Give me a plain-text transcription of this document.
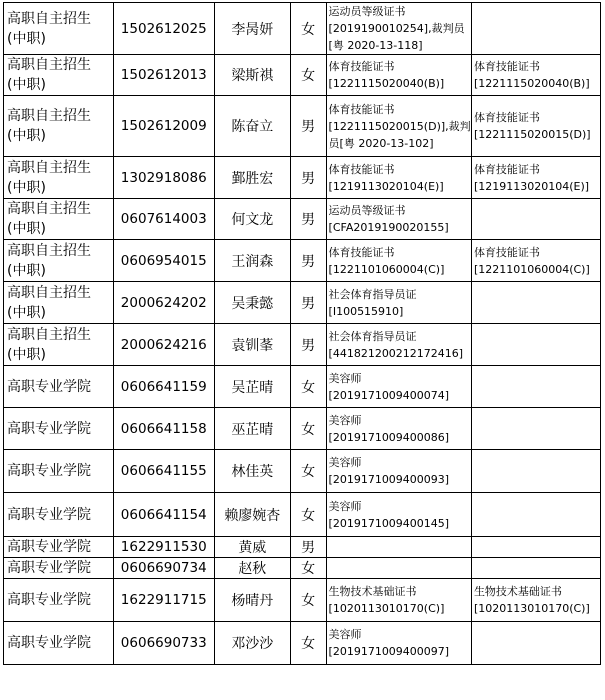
高职自主招生
(中职)	1502612025	李昺妍	女	运动员等级证书
[2019190010254],裁判员
[粤 2020-13-118]	

高职自主招生
(中职)	1502612013	梁斯祺	女	体育技能证书
[1221115020040(B)]	体育技能证书
[1221115020040(B)]

高职自主招生
(中职)	1502612009	陈奋立	男	体育技能证书
[1221115020015(D)],裁判
员[粤 2020-13-102]	体育技能证书
[1221115020015(D)]

高职自主招生
(中职)	1302918086	鄞胜宏	男	体育技能证书
[1219113020104(E)]	体育技能证书
[1219113020104(E)]

高职自主招生
(中职)	0607614003	何文龙	男	运动员等级证书
[CFA2019190020155]	

高职自主招生
(中职)	0606954015	王润森	男	体育技能证书
[1221101060004(C)]	体育技能证书
[1221101060004(C)]

高职自主招生
(中职)	2000624202	吴秉懿	男	社会体育指导员证
[I100515910]	

高职自主招生
(中职)	2000624216	袁钏莑	男	社会体育指导员证
[441821200212172416]	

高职专业学院	0606641159	吴芷晴	女	美容师
[2019171009400074]	

高职专业学院	0606641158	巫芷晴	女	美容师
[2019171009400086]	

高职专业学院	0606641155	林佳英	女	美容师
[2019171009400093]	

高职专业学院	0606641154	赖廖婉杏	女	美容师
[2019171009400145]	

高职专业学院	1622911530	黄威	男		

高职专业学院	0606690734	赵秋	女		

高职专业学院	1622911715	杨晴丹	女	生物技术基础证书
[1020113010170(C)]	生物技术基础证书
[1020113010170(C)]

高职专业学院	0606690733	邓沙沙	女	美容师
[2019171009400097]	
